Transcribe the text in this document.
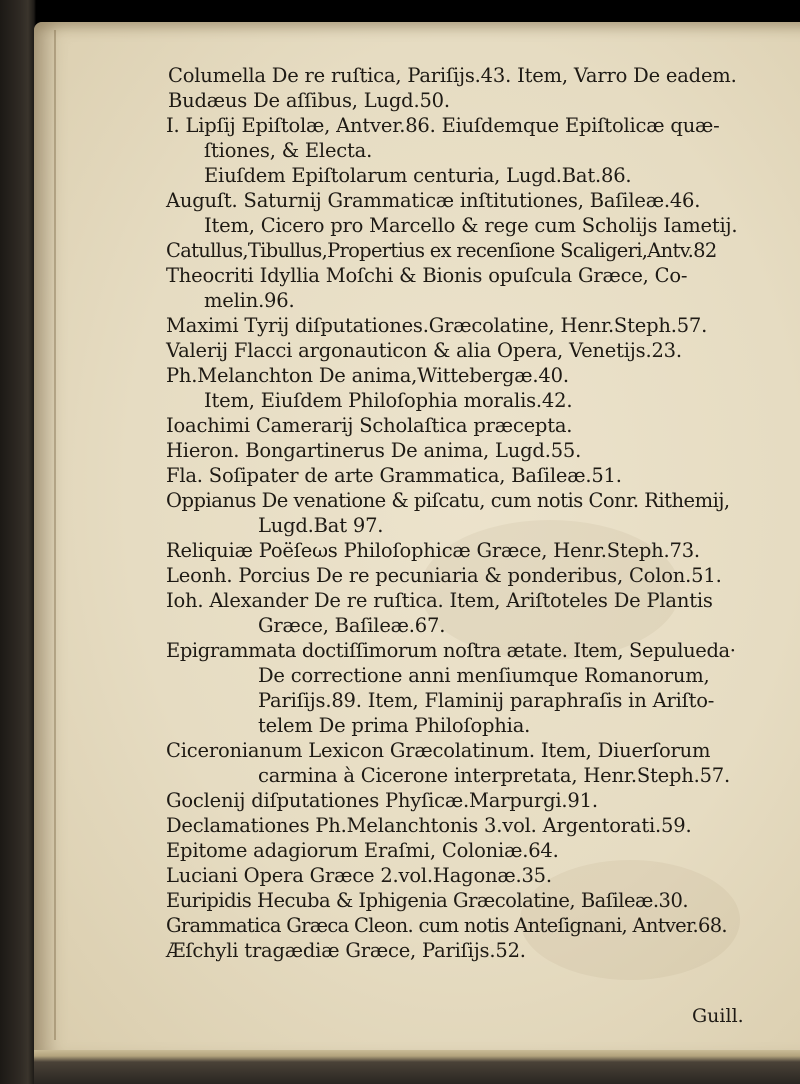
Columella De re ruſtica, Pariſijs.43. Item, Varro De eadem.
Budæus De aſſibus, Lugd.50.
I. Lipſij Epiſtolæ, Antver.86. Eiuſdemque Epiſtolicæ quæ-
ſtiones, & Electa.
Eiuſdem Epiſtolarum centuria, Lugd.Bat.86.
Auguſt. Saturnij Grammaticæ inſtitutiones, Baſileæ.46.
Item, Cicero pro Marcello & rege cum Scholijs Iametij.
Catullus,Tibullus,Propertius ex recenſione Scaligeri,Antv.82
Theocriti Idyllia Moſchi & Bionis opuſcula Græce, Co-
melin.96.
Maximi Tyrij diſputationes.Græcolatine, Henr.Steph.57.
Valerij Flacci argonauticon & alia Opera, Venetijs.23.
Ph.Melanchton De anima,Wittebergæ.40.
Item, Eiuſdem Philoſophia moralis.42.
Ioachimi Camerarij Scholaſtica præcepta.
Hieron. Bongartinerus De anima, Lugd.55.
Fla. Soſipater de arte Grammatica, Baſileæ.51.
Oppianus De venatione & piſcatu, cum notis Conr. Rithemij,
Lugd.Bat 97.
Reliquiæ Poëſeωs Philoſophicæ Græce, Henr.Steph.73.
Leonh. Porcius De re pecuniaria & ponderibus, Colon.51.
Ioh. Alexander De re ruſtica. Item, Ariſtoteles De Plantis
Græce, Baſileæ.67.
Epigrammata doctiſſimorum noſtra ætate. Item, Sepulueda·
De correctione anni menſiumque Romanorum,
Pariſijs.89. Item, Flaminij paraphraſis in Ariſto-
telem De prima Philoſophia.
Ciceronianum Lexicon Græcolatinum. Item, Diuerſorum
carmina à Cicerone interpretata, Henr.Steph.57.
Goclenij diſputationes Phyſicæ.Marpurgi.91.
Declamationes Ph.Melanchtonis 3.vol. Argentorati.59.
Epitome adagiorum Eraſmi, Coloniæ.64.
Luciani Opera Græce 2.vol.Hagonæ.35.
Euripidis Hecuba & Iphigenia Græcolatine, Baſileæ.30.
Grammatica Græca Cleon. cum notis Anteſignani, Antver.68.
Æſchyli tragædiæ Græce, Pariſijs.52.
Guill.
